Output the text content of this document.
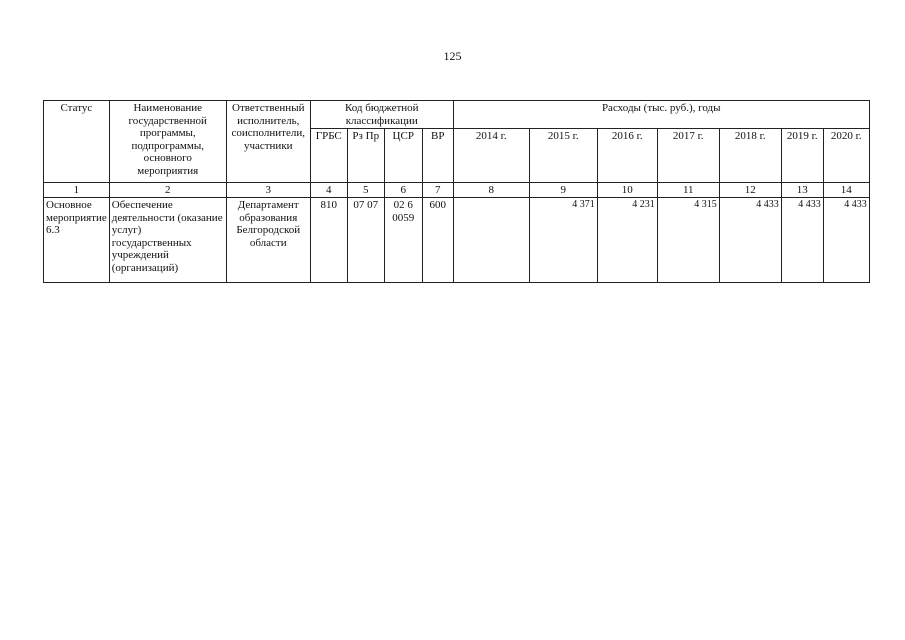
125
Статус	Наименование государственной программы, подпрограммы, основного мероприятия	Ответственный исполнитель, соисполнители, участники	Код бюджетной классификации				Расходы (тыс. руб.), годы						
			ГРБС	Рз Пр	ЦСР	ВР	2014 г.	2015 г.	2016 г.	2017 г.	2018 г.	2019 г.	2020 г.
1	2	3	4	5	6	7	8	9	10	11	12	13	14
Основное мероприятие 6.3	Обеспечение деятельности (оказание услуг) государственных учреждений (организаций)	Департамент образования Белгородской области	810	07 07	02 6 0059	600		4 371	4 231	4 315	4 433	4 433	4 433
